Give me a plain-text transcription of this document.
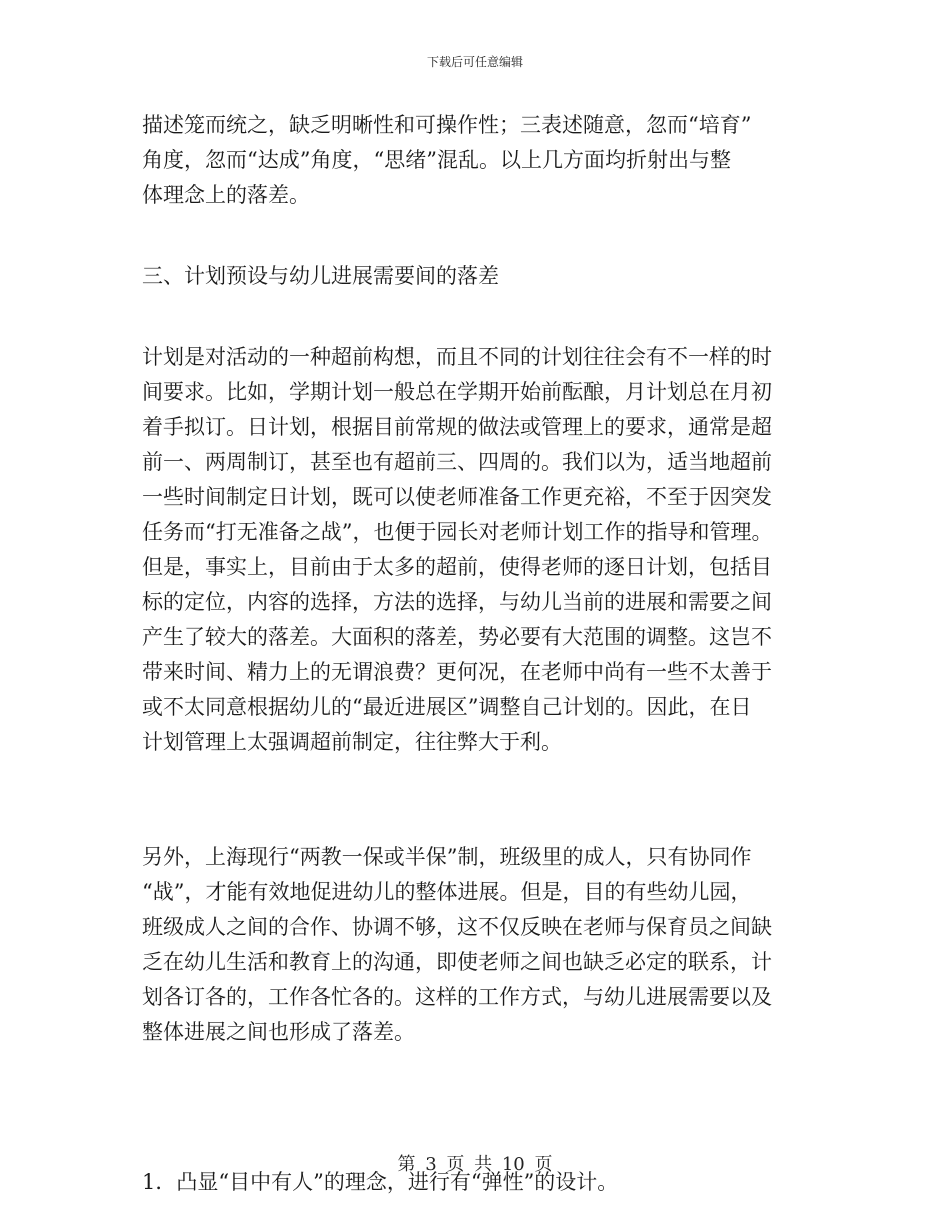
下载后可任意编辑

描述笼而统之，缺乏明晰性和可操作性；三表述随意，忽而“培育”
角度，忽而“达成”角度，“思绪”混乱。以上几方面均折射出与整
体理念上的落差。

三、计划预设与幼儿进展需要间的落差

计划是对活动的一种超前构想，而且不同的计划往往会有不一样的时
间要求。比如，学期计划一般总在学期开始前酝酿，月计划总在月初
着手拟订。日计划，根据目前常规的做法或管理上的要求，通常是超
前一、两周制订，甚至也有超前三、四周的。我们以为，适当地超前
一些时间制定日计划，既可以使老师准备工作更充裕，不至于因突发
任务而“打无准备之战”，也便于园长对老师计划工作的指导和管理。
但是，事实上，目前由于太多的超前，使得老师的逐日计划，包括目
标的定位，内容的选择，方法的选择，与幼儿当前的进展和需要之间
产生了较大的落差。大面积的落差，势必要有大范围的调整。这岂不
带来时间、精力上的无谓浪费？更何况，在老师中尚有一些不太善于
或不太同意根据幼儿的“最近进展区”调整自己计划的。因此，在日
计划管理上太强调超前制定，往往弊大于利。

另外，上海现行“两教一保或半保”制，班级里的成人，只有协同作
“战”，才能有效地促进幼儿的整体进展。但是，目的有些幼儿园，
班级成人之间的合作、协调不够，这不仅反映在老师与保育员之间缺
乏在幼儿生活和教育上的沟通，即使老师之间也缺乏必定的联系，计
划各订各的，工作各忙各的。这样的工作方式，与幼儿进展需要以及
整体进展之间也形成了落差。

1．凸显“目中有人”的理念，进行有“弹性”的设计。

第 3 页 共 10 页
